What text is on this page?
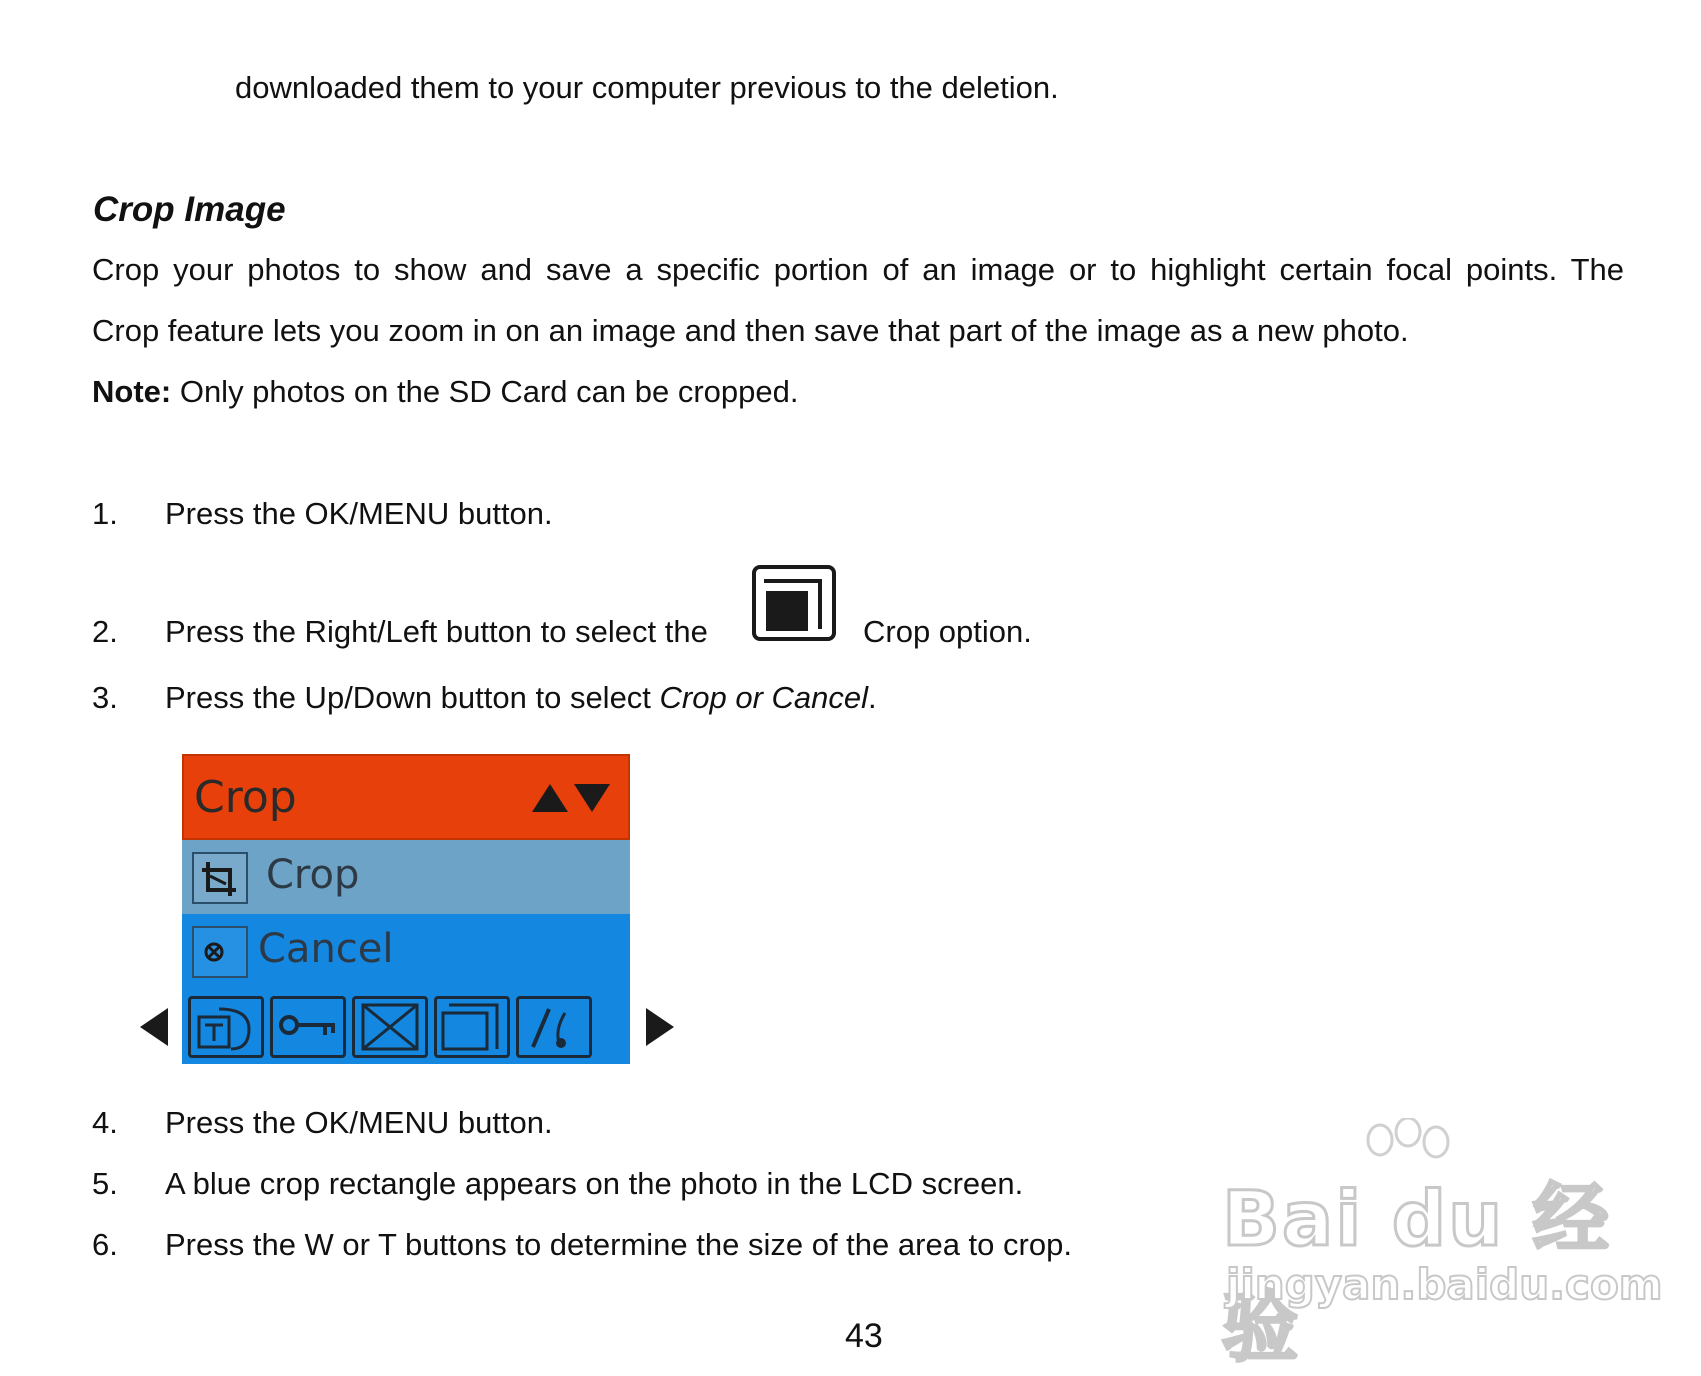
downloaded them to your computer previous to the deletion.
Crop Image
Crop your photos to show and save a specific portion of an image or to highlight certain focal points. The
Crop feature lets you zoom in on an image and then save that part of the image as a new photo.
Note: Only photos on the SD Card can be cropped.
1. Press the OK/MENU button.
2. Press the Right/Left button to select the	Crop option.
3. Press the Up/Down button to select Crop or Cancel.
Crop
Crop
Cancel
4. Press the OK/MENU button.
5. A blue crop rectangle appears on the photo in the LCD screen.
6. Press the W or T buttons to determine the size of the area to crop.
43
Bai du 经验
jingyan.baidu.com
